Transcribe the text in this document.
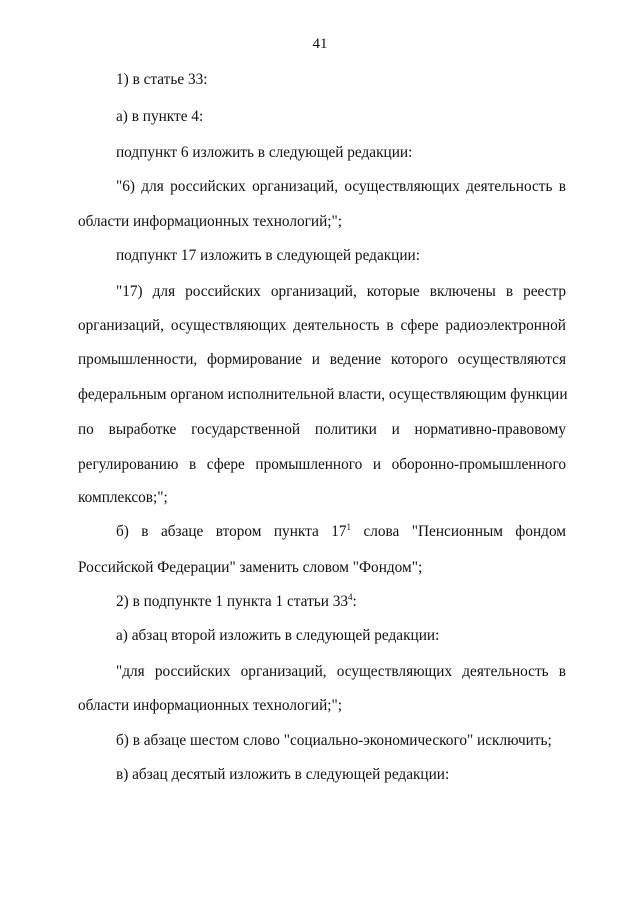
41
1) в статье 33:
а) в пункте 4:
подпункт 6 изложить в следующей редакции:
"6) для российских организаций, осуществляющих деятельность в
области информационных технологий;";
подпункт 17 изложить в следующей редакции:
"17) для российских организаций, которые включены в реестр
организаций, осуществляющих деятельность в сфере радиоэлектронной
промышленности, формирование и ведение которого осуществляются
федеральным органом исполнительной власти, осуществляющим функции
по выработке государственной политики и нормативно-правовому
регулированию в сфере промышленного и оборонно-промышленного
комплексов;";
б) в абзаце втором пункта $17^1$ слова "Пенсионным фондом
Российской Федерации" заменить словом "Фондом";
2) в подпункте 1 пункта 1 статьи $33^4$:
а) абзац второй изложить в следующей редакции:
"для российских организаций, осуществляющих деятельность в
области информационных технологий;";
б) в абзаце шестом слово "социально-экономического" исключить;
в) абзац десятый изложить в следующей редакции:
